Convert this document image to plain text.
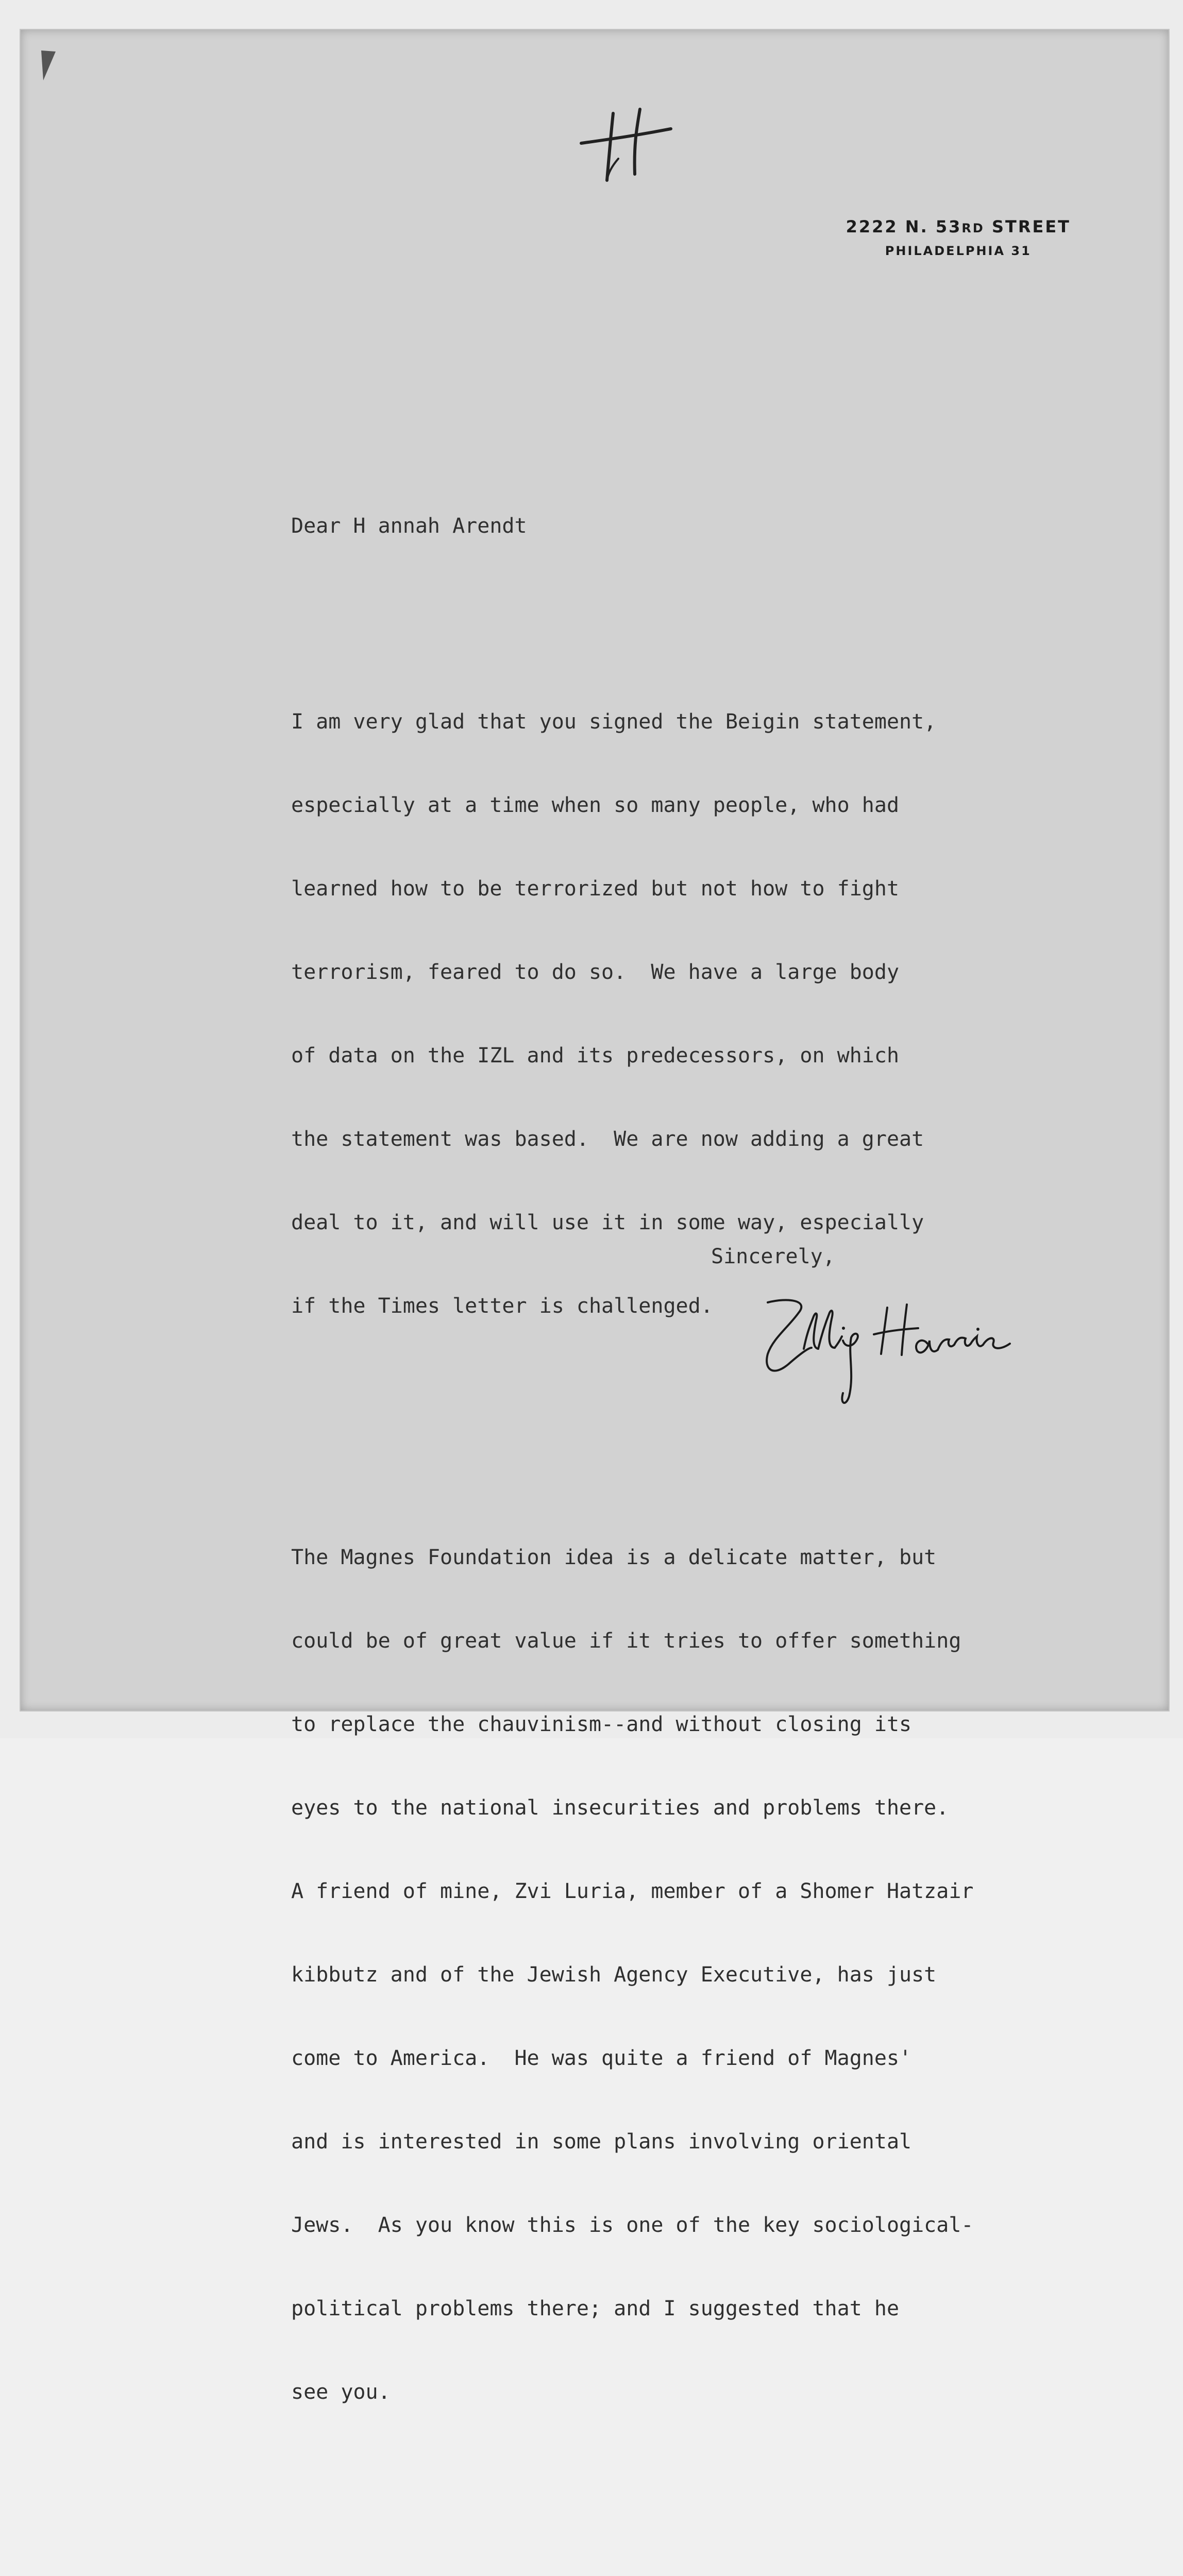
2222 N. 53RD STREET
PHILADELPHIA 31

Dear H annah Arendt

I am very glad that you signed the Beigin statement,

especially at a time when so many people, who had

learned how to be terrorized but not how to fight

terrorism, feared to do so.  We have a large body

of data on the IZL and its predecessors, on which

the statement was based.  We are now adding a great

deal to it, and will use it in some way, especially

if the Times letter is challenged.

The Magnes Foundation idea is a delicate matter, but

could be of great value if it tries to offer something

to replace the chauvinism--and without closing its

eyes to the national insecurities and problems there.

A friend of mine, Zvi Luria, member of a Shomer Hatzair

kibbutz and of the Jewish Agency Executive, has just

come to America.  He was quite a friend of Magnes'

and is interested in some plans involving oriental

Jews.  As you know this is one of the key sociological-

political problems there; and I suggested that he

see you.

Sincerely,
